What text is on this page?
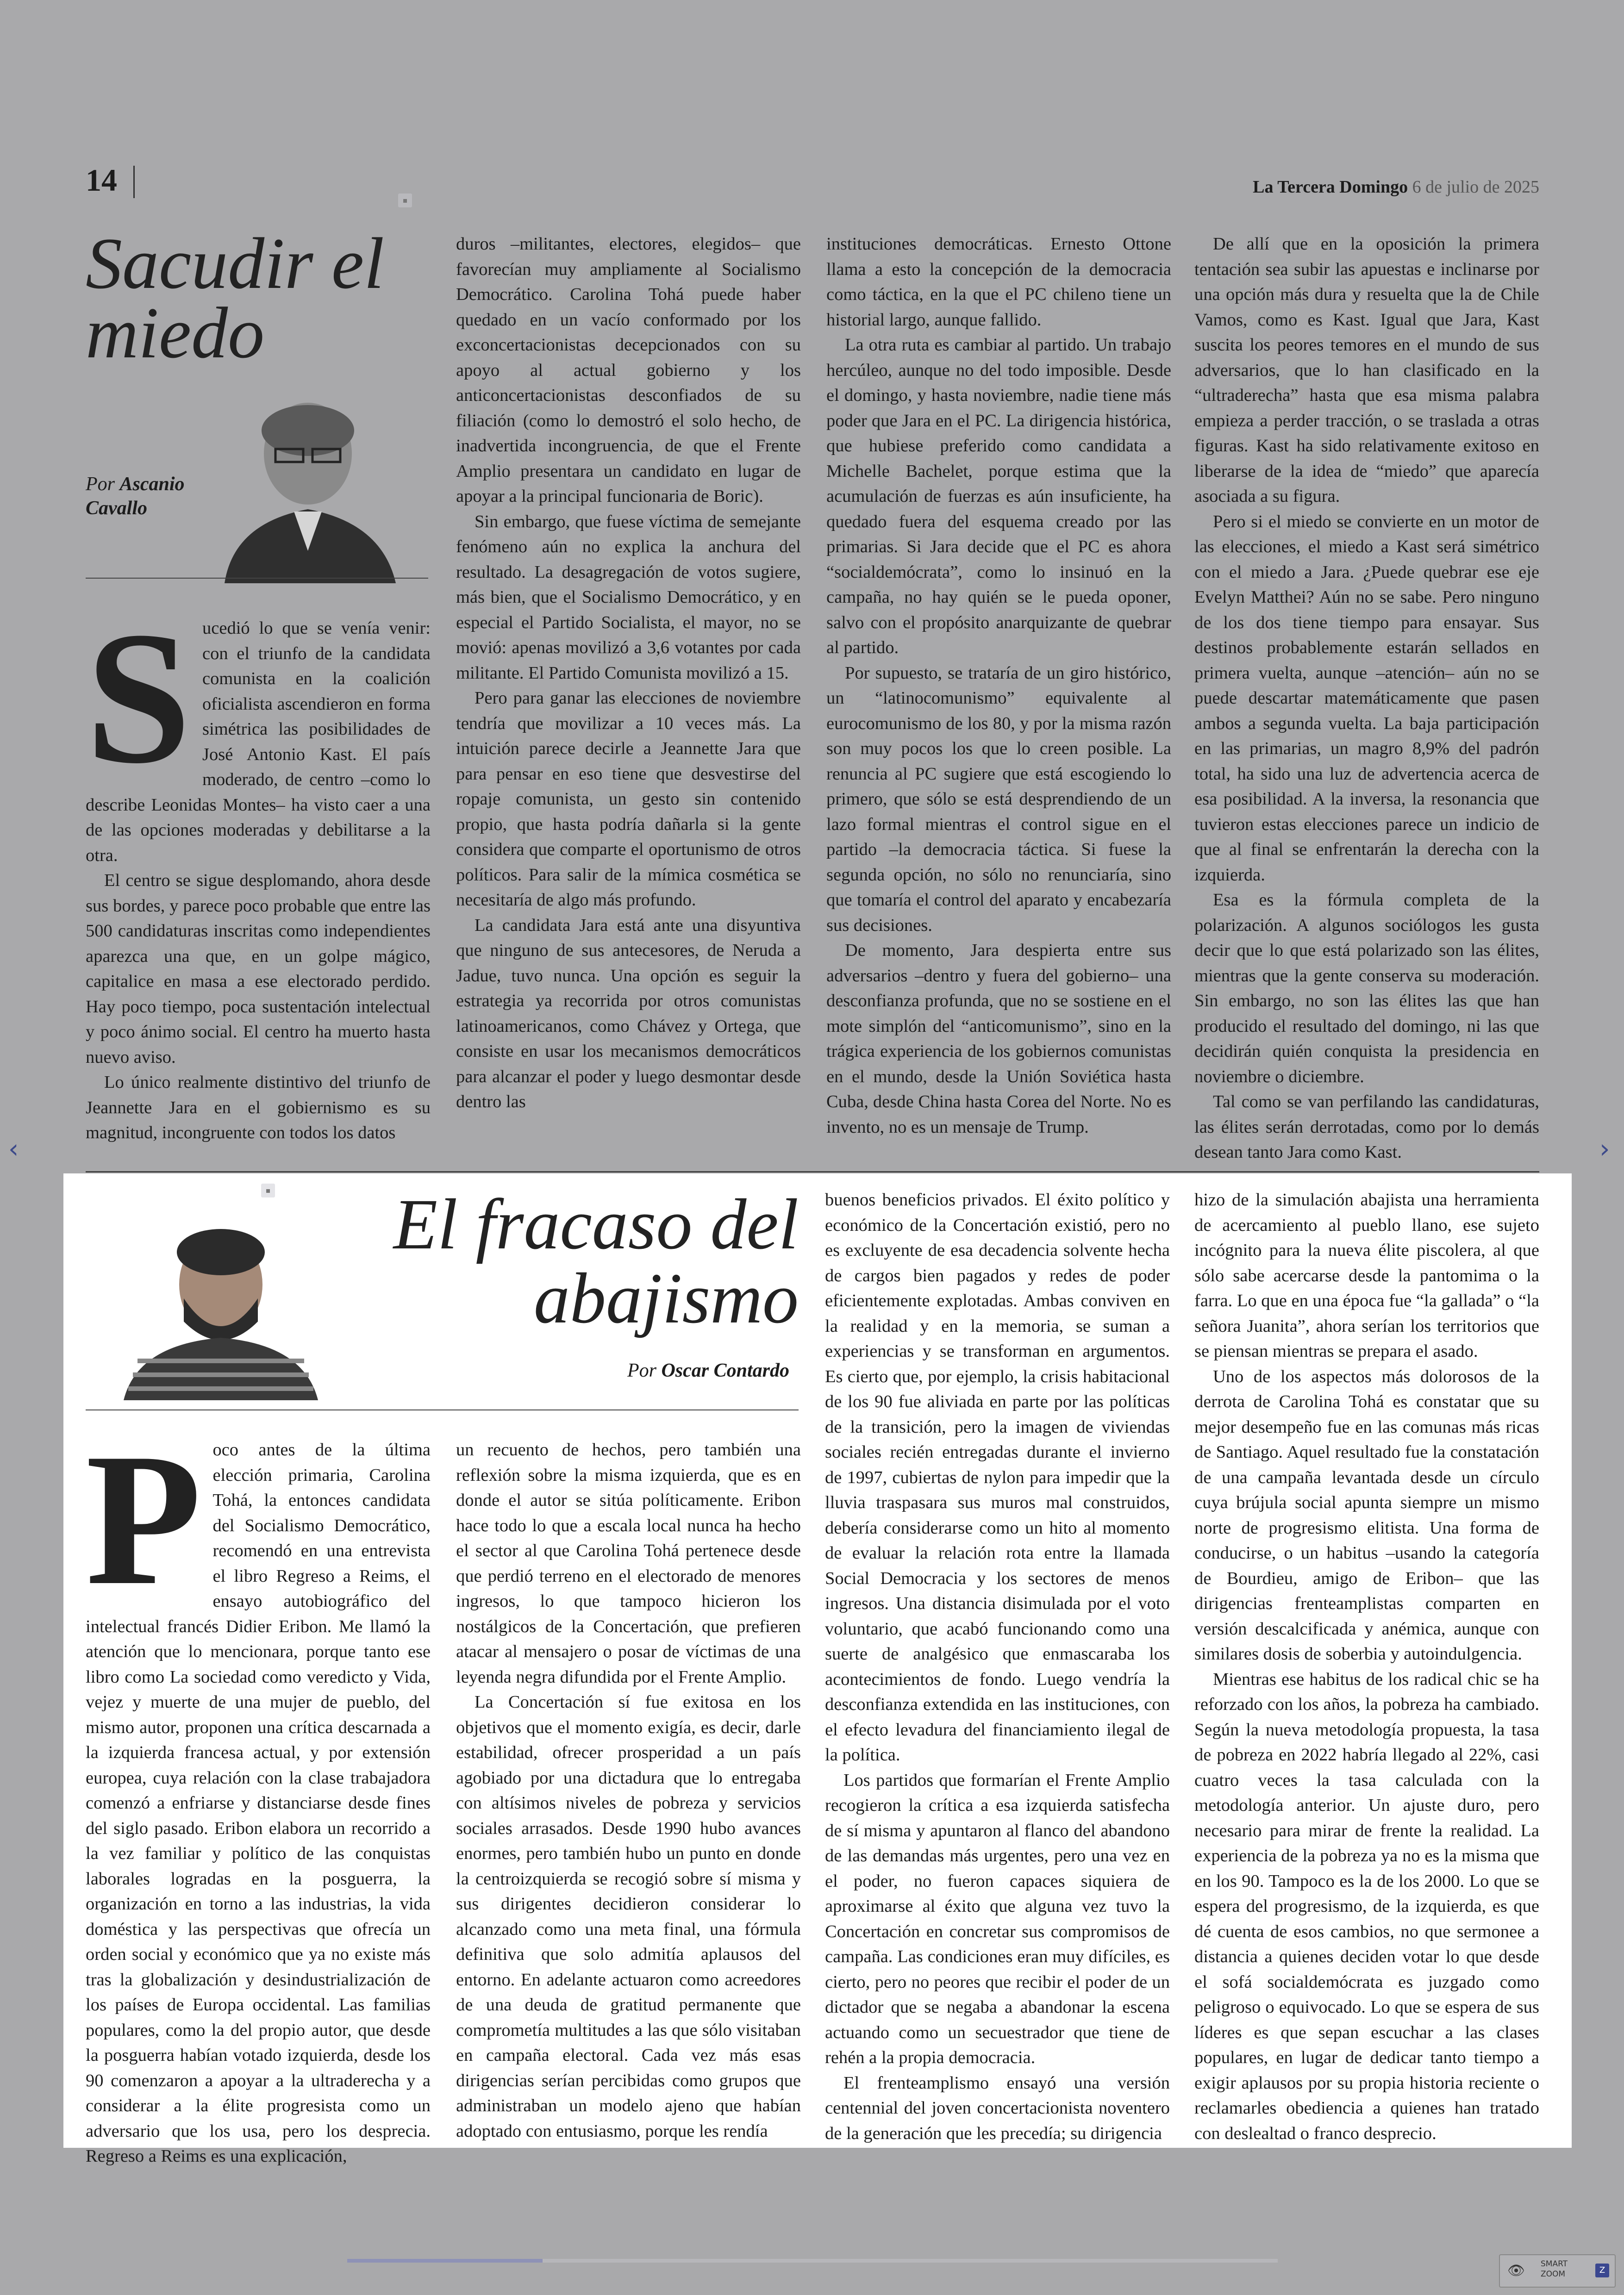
14	La Tercera Domingo 6 de julio de 2025
▪
Sacudir el miedo
Por Ascanio Cavallo
S ucedió lo que se venía venir: con el triunfo de la candidata comunista en la coalición oficialista ascendieron en forma simétrica las posibilidades de José Antonio Kast. El país moderado, de centro –como lo describe Leonidas Montes– ha visto caer a una de las opciones moderadas y debilitarse a la otra.

El centro se sigue desplomando, ahora desde sus bordes, y parece poco probable que entre las 500 candidaturas inscritas como independientes aparezca una que, en un golpe mágico, capitalice en masa a ese electorado perdido. Hay poco tiempo, poca sustentación intelectual y poco ánimo social. El centro ha muerto hasta nuevo aviso.

Lo único realmente distintivo del triunfo de Jeannette Jara en el gobiernismo es su magnitud, incongruente con todos los datos

duros –militantes, electores, elegidos– que favorecían muy ampliamente al Socialismo Democrático. Carolina Tohá puede haber quedado en un vacío conformado por los exconcertacionistas decepcionados con su apoyo al actual gobierno y los anticoncertacionistas desconfiados de su filiación (como lo demostró el solo hecho, de inadvertida incongruencia, de que el Frente Amplio presentara un candidato en lugar de apoyar a la principal funcionaria de Boric).

Sin embargo, que fuese víctima de semejante fenómeno aún no explica la anchura del resultado. La desagregación de votos sugiere, más bien, que el Socialismo Democrático, y en especial el Partido Socialista, el mayor, no se movió: apenas movilizó a 3,6 votantes por cada militante. El Partido Comunista movilizó a 15.

Pero para ganar las elecciones de noviembre tendría que movilizar a 10 veces más. La intuición parece decirle a Jeannette Jara que para pensar en eso tiene que desvestirse del ropaje comunista, un gesto sin contenido propio, que hasta podría dañarla si la gente considera que comparte el oportunismo de otros políticos. Para salir de la mímica cosmética se necesitaría de algo más profundo.

La candidata Jara está ante una disyuntiva que ninguno de sus antecesores, de Neruda a Jadue, tuvo nunca. Una opción es seguir la estrategia ya recorrida por otros comunistas latinoamericanos, como Chávez y Ortega, que consiste en usar los mecanismos democráticos para alcanzar el poder y luego desmontar desde dentro las

instituciones democráticas. Ernesto Ottone llama a esto la concepción de la democracia como táctica, en la que el PC chileno tiene un historial largo, aunque fallido.

La otra ruta es cambiar al partido. Un trabajo hercúleo, aunque no del todo imposible. Desde el domingo, y hasta noviembre, nadie tiene más poder que Jara en el PC. La dirigencia histórica, que hubiese preferido como candidata a Michelle Bachelet, porque estima que la acumulación de fuerzas es aún insuficiente, ha quedado fuera del esquema creado por las primarias. Si Jara decide que el PC es ahora “socialdemócrata”, como lo insinuó en la campaña, no hay quién se le pueda oponer, salvo con el propósito anarquizante de quebrar al partido.

Por supuesto, se trataría de un giro histórico, un “latinocomunismo” equivalente al eurocomunismo de los 80, y por la misma razón son muy pocos los que lo creen posible. La renuncia al PC sugiere que está escogiendo lo primero, que sólo se está desprendiendo de un lazo formal mientras el control sigue en el partido –la democracia táctica. Si fuese la segunda opción, no sólo no renunciaría, sino que tomaría el control del aparato y encabezaría sus decisiones.

De momento, Jara despierta entre sus adversarios –dentro y fuera del gobierno– una desconfianza profunda, que no se sostiene en el mote simplón del “anticomunismo”, sino en la trágica experiencia de los gobiernos comunistas en el mundo, desde la Unión Soviética hasta Cuba, desde China hasta Corea del Norte. No es invento, no es un mensaje de Trump.

De allí que en la oposición la primera tentación sea subir las apuestas e inclinarse por una opción más dura y resuelta que la de Chile Vamos, como es Kast. Igual que Jara, Kast suscita los peores temores en el mundo de sus adversarios, que lo han clasificado en la “ultraderecha” hasta que esa misma palabra empieza a perder tracción, o se traslada a otras figuras. Kast ha sido relativamente exitoso en liberarse de la idea de “miedo” que aparecía asociada a su figura.

Pero si el miedo se convierte en un motor de las elecciones, el miedo a Kast será simétrico con el miedo a Jara. ¿Puede quebrar ese eje Evelyn Matthei? Aún no se sabe. Pero ninguno de los dos tiene tiempo para ensayar. Sus destinos probablemente estarán sellados en primera vuelta, aunque –atención– aún no se puede descartar matemáticamente que pasen ambos a segunda vuelta. La baja participación en las primarias, un magro 8,9% del padrón total, ha sido una luz de advertencia acerca de esa posibilidad. A la inversa, la resonancia que tuvieron estas elecciones parece un indicio de que al final se enfrentarán la derecha con la izquierda.

Esa es la fórmula completa de la polarización. A algunos sociólogos les gusta decir que lo que está polarizado son las élites, mientras que la gente conserva su moderación. Sin embargo, no son las élites las que han producido el resultado del domingo, ni las que decidirán quién conquista la presidencia en noviembre o diciembre.

Tal como se van perfilando las candidaturas, las élites serán derrotadas, como por lo demás desean tanto Jara como Kast.

▪	El fracaso del abajismo
Por Oscar Contardo
P oco antes de la última elección primaria, Carolina Tohá, la entonces candidata del Socialismo Democrático, recomendó en una entrevista el libro Regreso a Reims, el ensayo autobiográfico del intelectual francés Didier Eribon. Me llamó la atención que lo mencionara, porque tanto ese libro como La sociedad como veredicto y Vida, vejez y muerte de una mujer de pueblo, del mismo autor, proponen una crítica descarnada a la izquierda francesa actual, y por extensión europea, cuya relación con la clase trabajadora comenzó a enfriarse y distanciarse desde fines del siglo pasado. Eribon elabora un recorrido a la vez familiar y político de las conquistas laborales logradas en la posguerra, la organización en torno a las industrias, la vida doméstica y las perspectivas que ofrecía un orden social y económico que ya no existe más tras la globalización y desindustrialización de los países de Europa occidental. Las familias populares, como la del propio autor, que desde la posguerra habían votado izquierda, desde los 90 comenzaron a apoyar a la ultraderecha y a considerar a la élite progresista como un adversario que los usa, pero los desprecia. Regreso a Reims es una explicación,

un recuento de hechos, pero también una reflexión sobre la misma izquierda, que es en donde el autor se sitúa políticamente. Eribon hace todo lo que a escala local nunca ha hecho el sector al que Carolina Tohá pertenece desde que perdió terreno en el electorado de menores ingresos, lo que tampoco hicieron los nostálgicos de la Concertación, que prefieren atacar al mensajero o posar de víctimas de una leyenda negra difundida por el Frente Amplio.

La Concertación sí fue exitosa en los objetivos que el momento exigía, es decir, darle estabilidad, ofrecer prosperidad a un país agobiado por una dictadura que lo entregaba con altísimos niveles de pobreza y servicios sociales arrasados. Desde 1990 hubo avances enormes, pero también hubo un punto en donde la centroizquierda se recogió sobre sí misma y sus dirigentes decidieron considerar lo alcanzado como una meta final, una fórmula definitiva que solo admitía aplausos del entorno. En adelante actuaron como acreedores de una deuda de gratitud permanente que comprometía multitudes a las que sólo visitaban en campaña electoral. Cada vez más esas dirigencias serían percibidas como grupos que administraban un modelo ajeno que habían adoptado con entusiasmo, porque les rendía

buenos beneficios privados. El éxito político y económico de la Concertación existió, pero no es excluyente de esa decadencia solvente hecha de cargos bien pagados y redes de poder eficientemente explotadas. Ambas conviven en la realidad y en la memoria, se suman a experiencias y se transforman en argumentos. Es cierto que, por ejemplo, la crisis habitacional de los 90 fue aliviada en parte por las políticas de la transición, pero la imagen de viviendas sociales recién entregadas durante el invierno de 1997, cubiertas de nylon para impedir que la lluvia traspasara sus muros mal construidos, debería considerarse como un hito al momento de evaluar la relación rota entre la llamada Social Democracia y los sectores de menos ingresos. Una distancia disimulada por el voto voluntario, que acabó funcionando como una suerte de analgésico que enmascaraba los acontecimientos de fondo. Luego vendría la desconfianza extendida en las instituciones, con el efecto levadura del financiamiento ilegal de la política.

Los partidos que formarían el Frente Amplio recogieron la crítica a esa izquierda satisfecha de sí misma y apuntaron al flanco del abandono de las demandas más urgentes, pero una vez en el poder, no fueron capaces siquiera de aproximarse al éxito que alguna vez tuvo la Concertación en concretar sus compromisos de campaña. Las condiciones eran muy difíciles, es cierto, pero no peores que recibir el poder de un dictador que se negaba a abandonar la escena actuando como un secuestrador que tiene de rehén a la propia democracia.

El frenteamplismo ensayó una versión centennial del joven concertacionista noventero de la generación que les precedía; su dirigencia

hizo de la simulación abajista una herramienta de acercamiento al pueblo llano, ese sujeto incógnito para la nueva élite piscolera, al que sólo sabe acercarse desde la pantomima o la farra. Lo que en una época fue “la gallada” o “la señora Juanita”, ahora serían los territorios que se piensan mientras se prepara el asado.

Uno de los aspectos más dolorosos de la derrota de Carolina Tohá es constatar que su mejor desempeño fue en las comunas más ricas de Santiago. Aquel resultado fue la constatación de una campaña levantada desde un círculo cuya brújula social apunta siempre un mismo norte de progresismo elitista. Una forma de conducirse, o un habitus –usando la categoría de Bourdieu, amigo de Eribon– que las dirigencias frenteamplistas comparten en versión descalcificada y anémica, aunque con similares dosis de soberbia y autoindulgencia.

Mientras ese habitus de los radical chic se ha reforzado con los años, la pobreza ha cambiado. Según la nueva metodología propuesta, la tasa de pobreza en 2022 habría llegado al 22%, casi cuatro veces la tasa calculada con la metodología anterior. Un ajuste duro, pero necesario para mirar de frente la realidad. La experiencia de la pobreza ya no es la misma que en los 90. Tampoco es la de los 2000. Lo que se espera del progresismo, de la izquierda, es que dé cuenta de esos cambios, no que sermonee a distancia a quienes deciden votar lo que desde el sofá socialdemócrata es juzgado como peligroso o equivocado. Lo que se espera de sus líderes es que sepan escuchar a las clases populares, en lugar de dedicar tanto tiempo a exigir aplausos por su propia historia reciente o reclamarles obediencia a quienes han tratado con deslealtad o franco desprecio.

‹	›
👁 SMART
ZOOM	Z
